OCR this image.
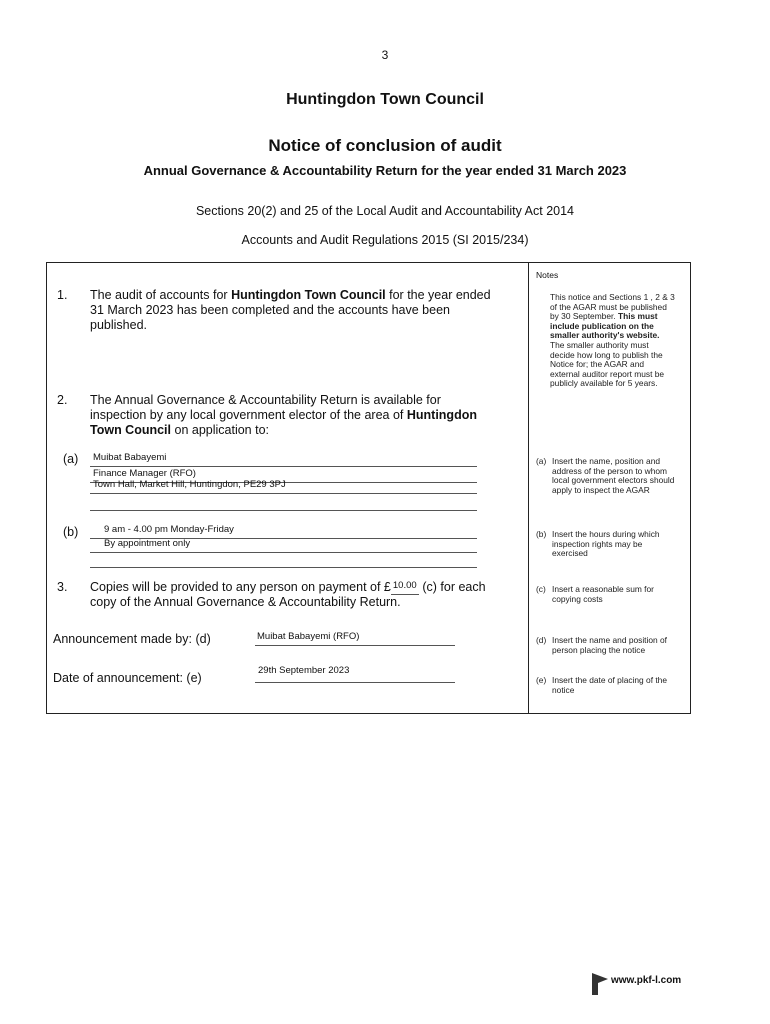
3
Huntingdon Town Council
Notice of conclusion of audit
Annual Governance & Accountability Return for the year ended 31 March 2023
Sections 20(2) and 25 of the Local Audit and Accountability Act 2014
Accounts and Audit Regulations 2015 (SI 2015/234)
1. The audit of accounts for Huntingdon Town Council for the year ended
31 March 2023 has been completed and the accounts have been
published.
2. The Annual Governance & Accountability Return is available for
inspection by any local government elector of the area of Huntingdon
Town Council on application to:
(a) Muibat Babayemi
Finance Manager (RFO)
Town Hall, Market Hill, Huntingdon, PE29 3PJ
(b)	9 am - 4.00 pm Monday-Friday
By appointment only
3. Copies will be provided to any person on payment of £ 10.00 (c) for each
copy of the Annual Governance & Accountability Return.
Announcement made by: (d)	Muibat Babayemi (RFO)
Date of announcement: (e)
29th September 2023
Notes
This notice and Sections 1 , 2 & 3
of the AGAR must be published
by 30 September. This must
include publication on the
smaller authority's website.
The smaller authority must
decide how long to publish the
Notice for; the AGAR and
external auditor report must be
publicly available for 5 years.
(a) Insert the name, position and
address of the person to whom
local government electors should
apply to inspect the AGAR
(b) Insert the hours during which
inspection rights may be
exercised
(c) Insert a reasonable sum for
copying costs
(d) Insert the name and position of
person placing the notice
(e) Insert the date of placing of the
notice
www.pkf-l.com
